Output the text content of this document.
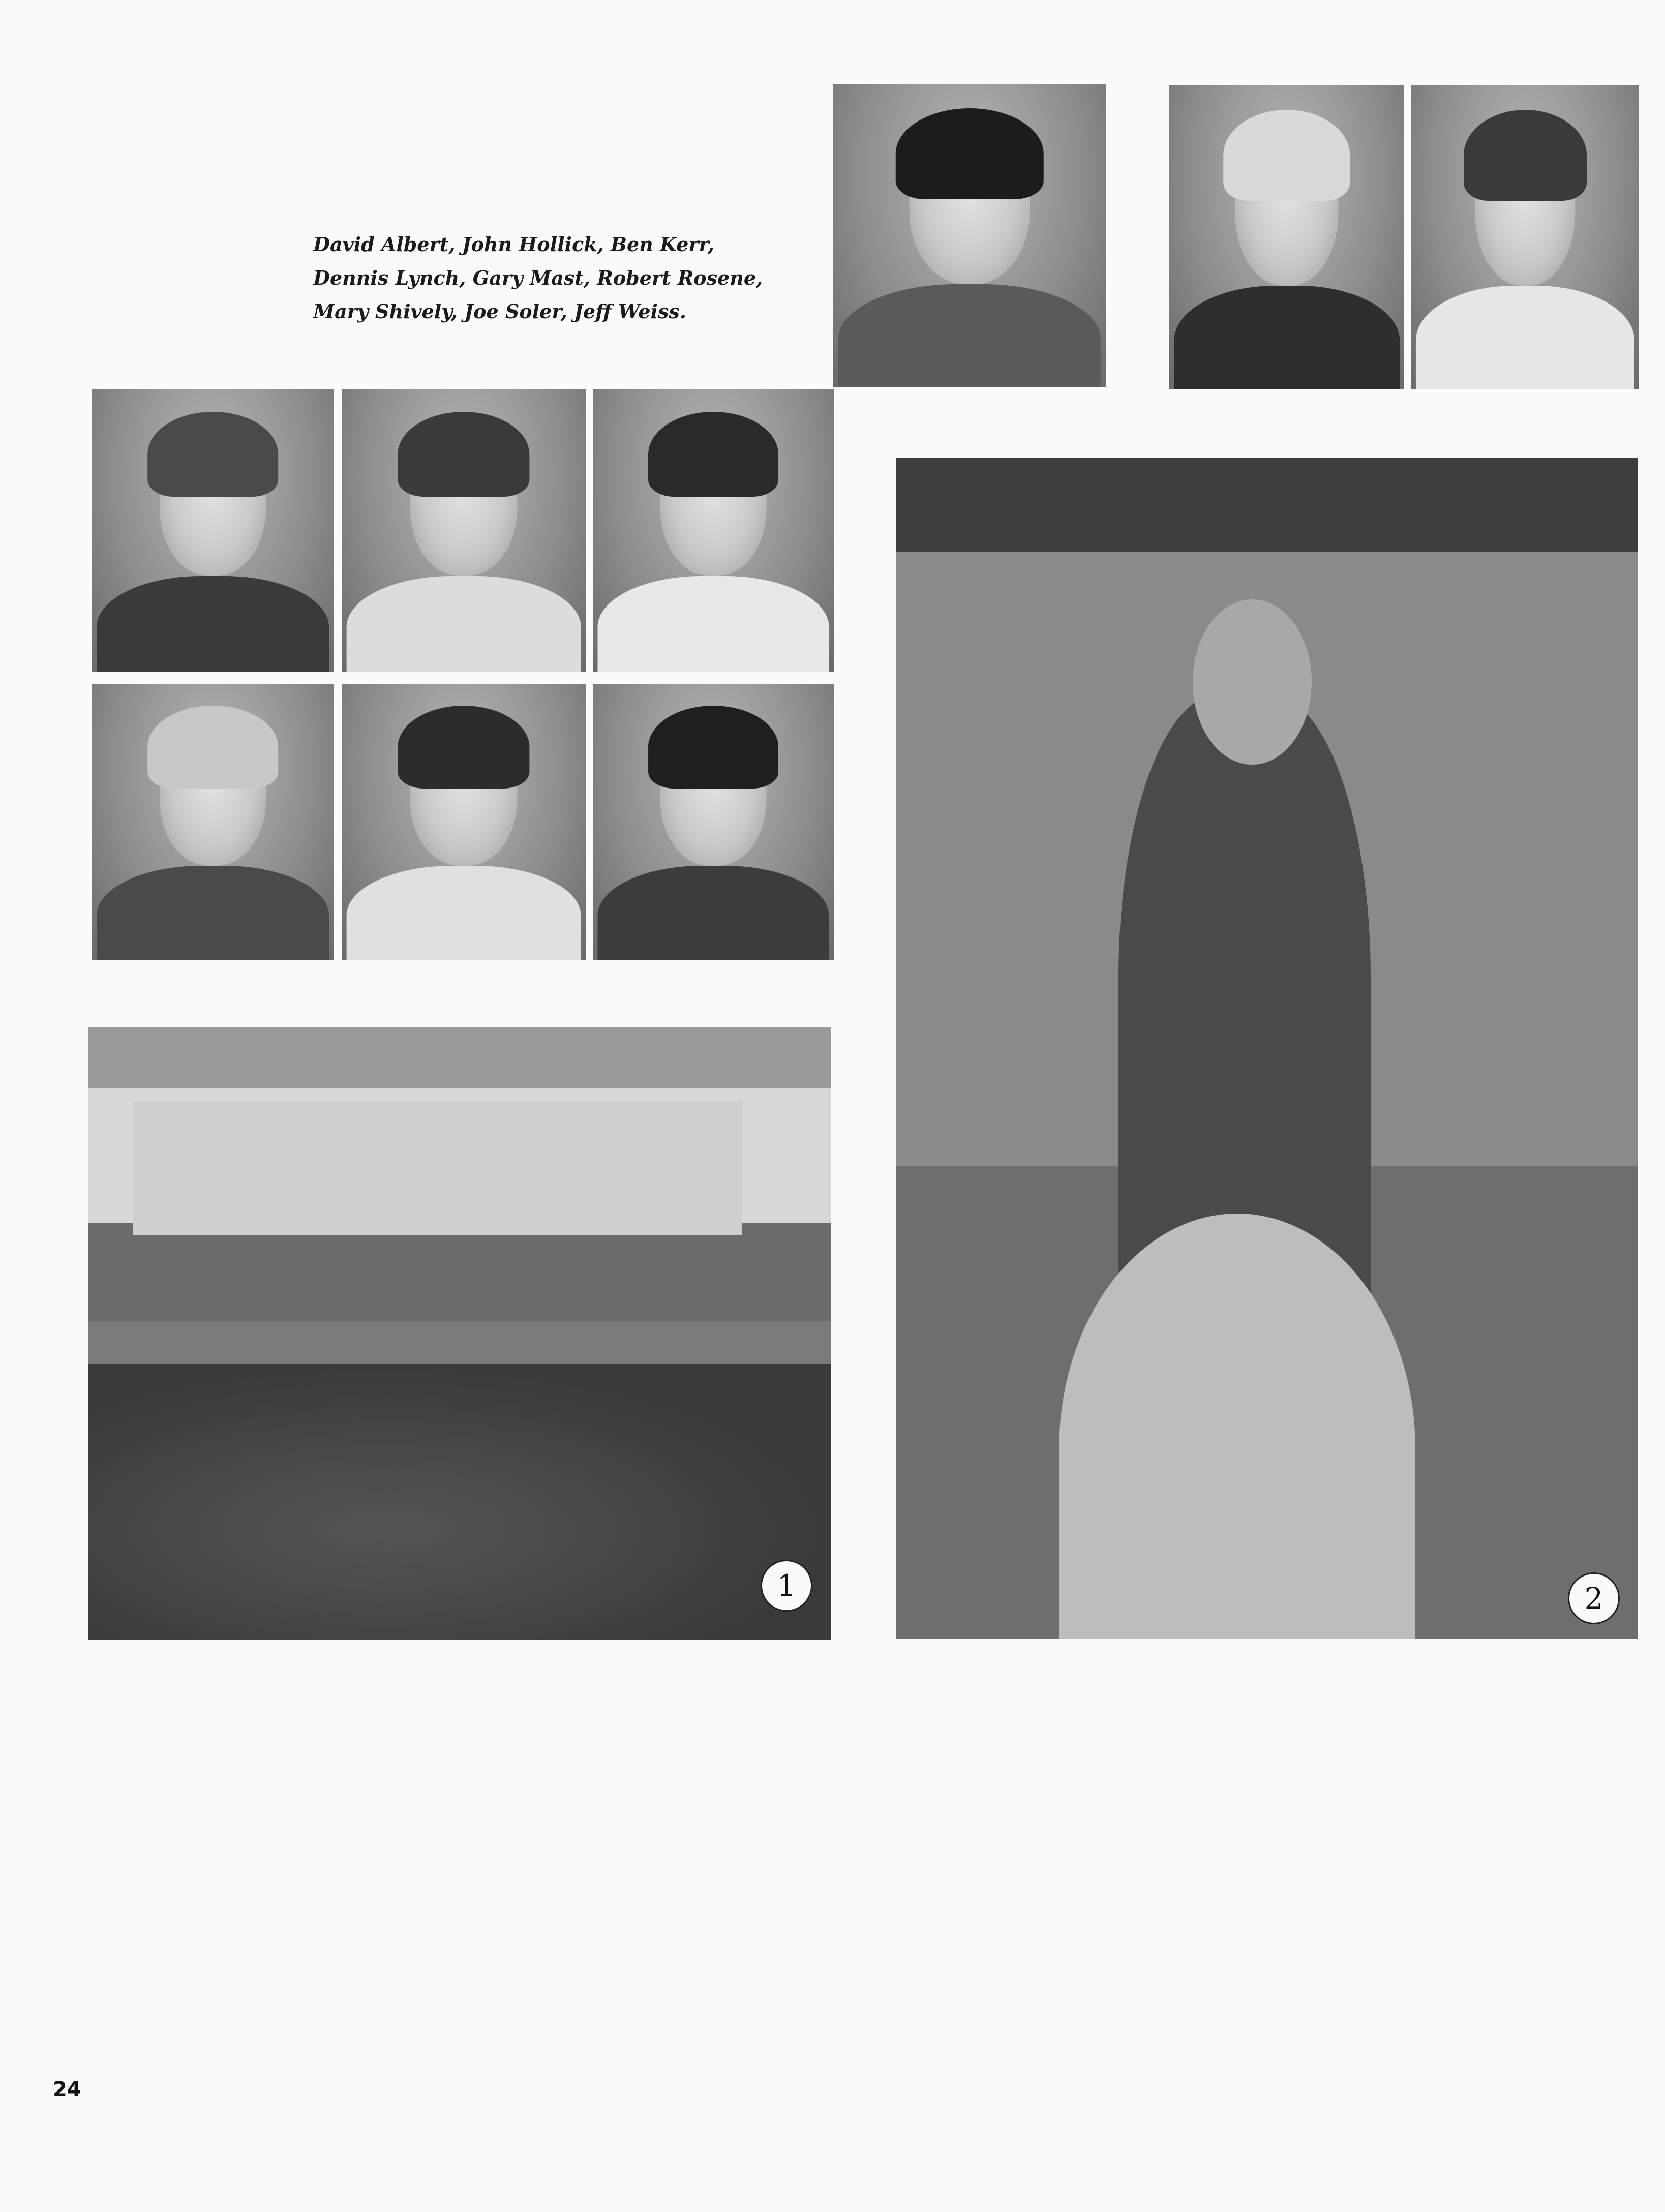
David Albert, John Hollick, Ben Kerr,
Dennis Lynch, Gary Mast, Robert Rosene,
Mary Shively, Joe Soler, Jeff Weiss.
1	2
24
